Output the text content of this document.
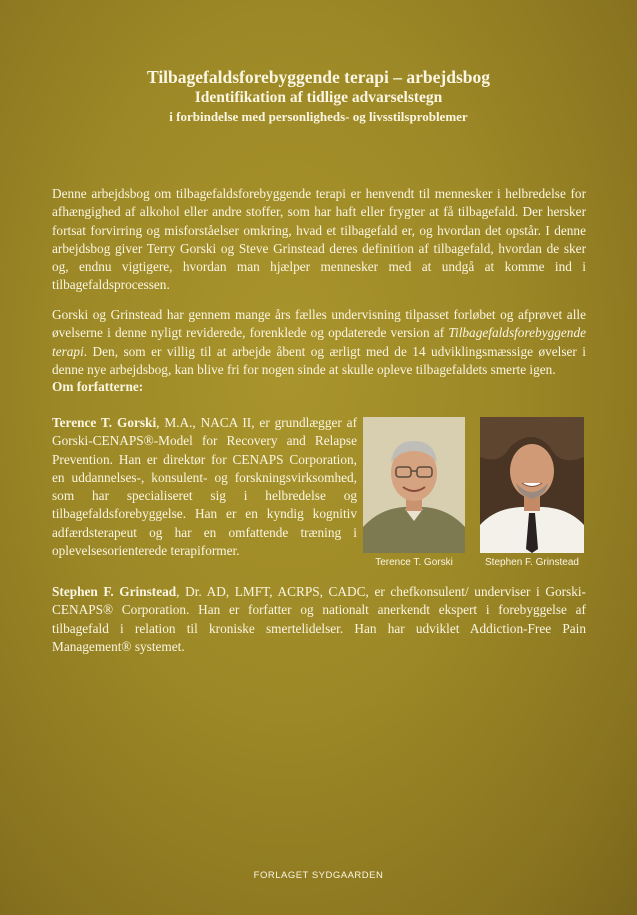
Tilbagefaldsforebyggende terapi – arbejdsbog
Identifikation af tidlige advarselstegn
i forbindelse med personligheds- og livsstilsproblemer
Denne arbejdsbog om tilbagefaldsforebyggende terapi er henvendt til mennesker i helbredelse for afhængighed af alkohol eller andre stoffer, som har haft eller frygter at få tilbagefald. Der hersker fortsat forvirring og misforståelser omkring, hvad et tilbagefald er, og hvordan det opstår. I denne arbejdsbog giver Terry Gorski og Steve Grinstead deres definition af tilbagefald, hvordan de sker og, endnu vigtigere, hvordan man hjælper mennesker med at undgå at komme ind i tilbagefaldsprocessen.
Gorski og Grinstead har gennem mange års fælles undervisning tilpasset forløbet og afprøvet alle øvelserne i denne nyligt reviderede, forenklede og opdaterede version af Tilbagefaldsforebyggende terapi. Den, som er villig til at arbejde åbent og ærligt med de 14 udviklingsmæssige øvelser i denne nye arbejdsbog, kan blive fri for nogen sinde at skulle opleve tilbagefaldets smerte igen.
Om forfatterne:
Terence T. Gorski, M.A., NACA II, er grundlægger af Gorski-CENAPS®-Model for Recovery and Relapse Prevention. Han er direktør for CENAPS Corporation, en uddannelses-, konsulent- og forskningsvirksomhed, som har specialiseret sig i helbredelse og tilbagefaldsforebyggelse. Han er en kyndig kognitiv adfærdsterapeut og har en omfattende træning i oplevelsesorienterede terapiformer.
Terence T. Gorski	Stephen F. Grinstead
Stephen F. Grinstead, Dr. AD, LMFT, ACRPS, CADC, er chefkonsulent/ underviser i Gorski-CENAPS® Corporation. Han er forfatter og nationalt anerkendt ekspert i forebyggelse af tilbagefald i relation til kroniske smertelidelser. Han har udviklet Addiction-Free Pain Management® systemet.
FORLAGET SYDGAARDEN
